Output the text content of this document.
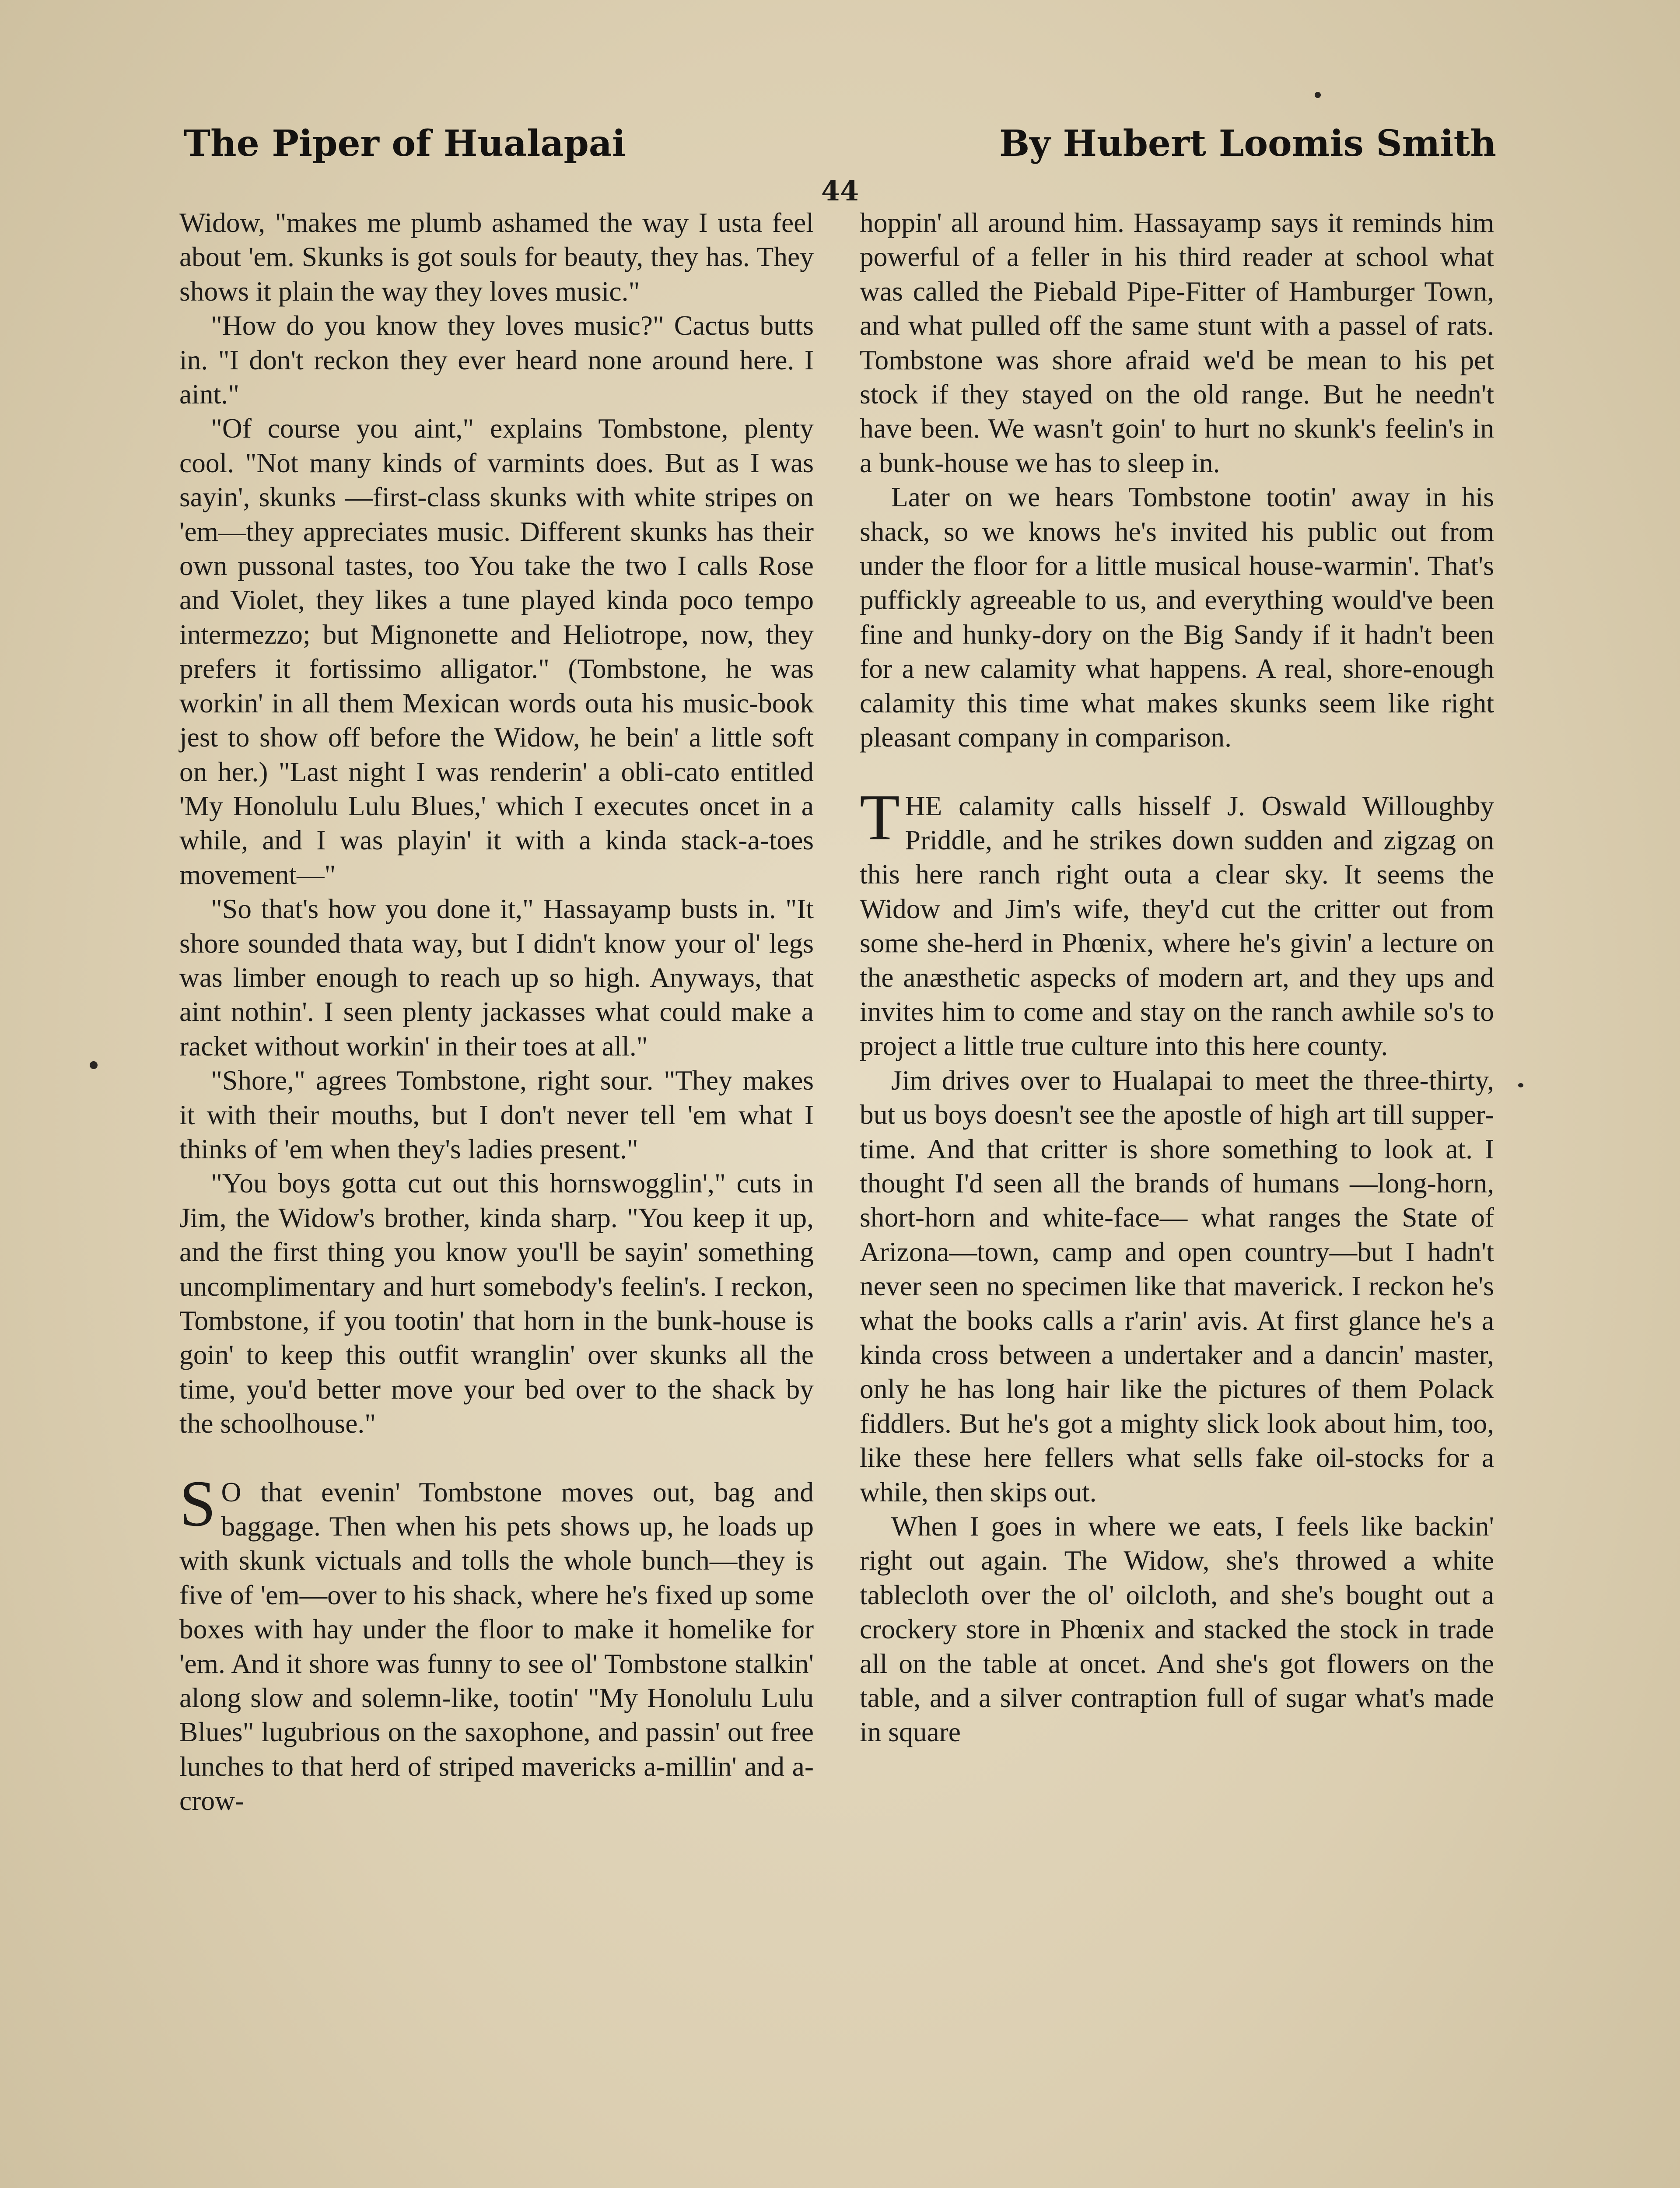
The Piper of Hualapai	By Hubert Loomis Smith
44

Widow, "makes me plumb ashamed the way I usta feel about 'em. Skunks is got souls for beauty, they has. They shows it plain the way they loves music."

"How do you know they loves music?" Cactus butts in. "I don't reckon they ever heard none around here. I aint."

"Of course you aint," explains Tombstone, plenty cool. "Not many kinds of varmints does. But as I was sayin', skunks —first-class skunks with white stripes on 'em—they appreciates music. Different skunks has their own pussonal tastes, too You take the two I calls Rose and Violet, they likes a tune played kinda poco tempo intermezzo; but Mignonette and Heliotrope, now, they prefers it fortissimo alligator." (Tombstone, he was workin' in all them Mexican words outa his music-book jest to show off before the Widow, he bein' a little soft on her.) "Last night I was renderin' a obli-cato entitled 'My Honolulu Lulu Blues,' which I executes oncet in a while, and I was playin' it with a kinda stack-a-toes movement—"

"So that's how you done it," Hassayamp busts in. "It shore sounded thata way, but I didn't know your ol' legs was limber enough to reach up so high. Anyways, that aint nothin'. I seen plenty jackasses what could make a racket without workin' in their toes at all."

"Shore," agrees Tombstone, right sour. "They makes it with their mouths, but I don't never tell 'em what I thinks of 'em when they's ladies present."

"You boys gotta cut out this hornswogglin'," cuts in Jim, the Widow's brother, kinda sharp. "You keep it up, and the first thing you know you'll be sayin' something uncomplimentary and hurt somebody's feelin's. I reckon, Tombstone, if you tootin' that horn in the bunk-house is goin' to keep this outfit wranglin' over skunks all the time, you'd better move your bed over to the shack by the schoolhouse."

S O that evenin' Tombstone moves out, bag and baggage. Then when his pets shows up, he loads up with skunk victuals and tolls the whole bunch—they is five of 'em—over to his shack, where he's fixed up some boxes with hay under the floor to make it homelike for 'em. And it shore was funny to see ol' Tombstone stalkin' along slow and solemn-like, tootin' "My Honolulu Lulu Blues" lugubrious on the saxophone, and passin' out free lunches to that herd of striped mavericks a-millin' and a-crow-

hoppin' all around him. Hassayamp says it reminds him powerful of a feller in his third reader at school what was called the Piebald Pipe-Fitter of Hamburger Town, and what pulled off the same stunt with a passel of rats. Tombstone was shore afraid we'd be mean to his pet stock if they stayed on the old range. But he needn't have been. We wasn't goin' to hurt no skunk's feelin's in a bunk-house we has to sleep in.

Later on we hears Tombstone tootin' away in his shack, so we knows he's invited his public out from under the floor for a little musical house-warmin'. That's puffickly agreeable to us, and everything would've been fine and hunky-dory on the Big Sandy if it hadn't been for a new calamity what happens. A real, shore-enough calamity this time what makes skunks seem like right pleasant company in comparison.

THE calamity calls hisself J. Oswald Willoughby Priddle, and he strikes down sudden and zigzag on this here ranch right outa a clear sky. It seems the Widow and Jim's wife, they'd cut the critter out from some she-herd in Phœnix, where he's givin' a lecture on the anæsthetic aspecks of modern art, and they ups and invites him to come and stay on the ranch awhile so's to project a little true culture into this here county.

Jim drives over to Hualapai to meet the three-thirty, but us boys doesn't see the apostle of high art till supper-time. And that critter is shore something to look at. I thought I'd seen all the brands of humans —long-horn, short-horn and white-face— what ranges the State of Arizona—town, camp and open country—but I hadn't never seen no specimen like that maverick. I reckon he's what the books calls a r'arin' avis. At first glance he's a kinda cross between a undertaker and a dancin' master, only he has long hair like the pictures of them Polack fiddlers. But he's got a mighty slick look about him, too, like these here fellers what sells fake oil-stocks for a while, then skips out.

When I goes in where we eats, I feels like backin' right out again. The Widow, she's throwed a white tablecloth over the ol' oilcloth, and she's bought out a crockery store in Phœnix and stacked the stock in trade all on the table at oncet. And she's got flowers on the table, and a silver contraption full of sugar what's made in square
